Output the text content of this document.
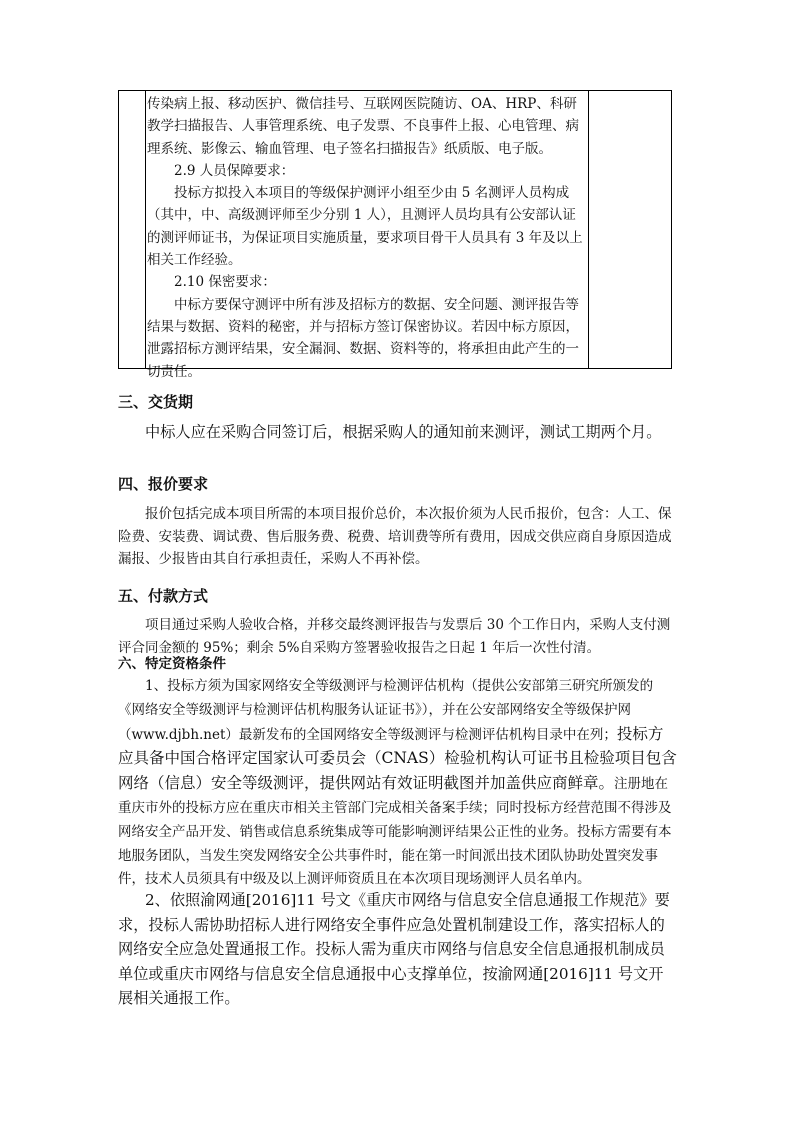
传染病上报、移动医护、微信挂号、互联网医院随访、OA、HRP、科研教学扫描报告、人事管理系统、电子发票、不良事件上报、心电管理、病理系统、影像云、输血管理、电子签名扫描报告》纸质版、电子版。

2.9 人员保障要求：

投标方拟投入本项目的等级保护测评小组至少由 5 名测评人员构成（其中，中、高级测评师至少分别 1 人），且测评人员均具有公安部认证的测评师证书，为保证项目实施质量，要求项目骨干人员具有 3 年及以上相关工作经验。

2.10 保密要求：

中标方要保守测评中所有涉及招标方的数据、安全问题、测评报告等结果与数据、资料的秘密，并与招标方签订保密协议。若因中标方原因，泄露招标方测评结果，安全漏洞、数据、资料等的，将承担由此产生的一切责任。

三、交货期
中标人应在采购合同签订后，根据采购人的通知前来测评，测试工期两个月。
四、报价要求
报价包括完成本项目所需的本项目报价总价，本次报价须为人民币报价，包含：人工、保险费、安装费、调试费、售后服务费、税费、培训费等所有费用，因成交供应商自身原因造成漏报、少报皆由其自行承担责任，采购人不再补偿。
五、付款方式
项目通过采购人验收合格，并移交最终测评报告与发票后 30 个工作日内，采购人支付测评合同金额的 95%；剩余 5%自采购方签署验收报告之日起 1 年后一次性付清。
六、特定资格条件
1、投标方须为国家网络安全等级测评与检测评估机构（提供公安部第三研究所颁发的《网络安全等级测评与检测评估机构服务认证证书》），并在公安部网络安全等级保护网（www.djbh.net）最新发布的全国网络安全等级测评与检测评估机构目录中在列；投标方应具备中国合格评定国家认可委员会（CNAS）检验机构认可证书且检验项目包含网络（信息）安全等级测评，提供网站有效证明截图并加盖供应商鲜章。注册地在重庆市外的投标方应在重庆市相关主管部门完成相关备案手续；同时投标方经营范围不得涉及网络安全产品开发、销售或信息系统集成等可能影响测评结果公正性的业务。投标方需要有本地服务团队，当发生突发网络安全公共事件时，能在第一时间派出技术团队协助处置突发事件，技术人员须具有中级及以上测评师资质且在本次项目现场测评人员名单内。
2、依照渝网通[2016]11 号文《重庆市网络与信息安全信息通报工作规范》要求，投标人需协助招标人进行网络安全事件应急处置机制建设工作，落实招标人的网络安全应急处置通报工作。投标人需为重庆市网络与信息安全信息通报机制成员单位或重庆市网络与信息安全信息通报中心支撑单位，按渝网通[2016]11 号文开展相关通报工作。
